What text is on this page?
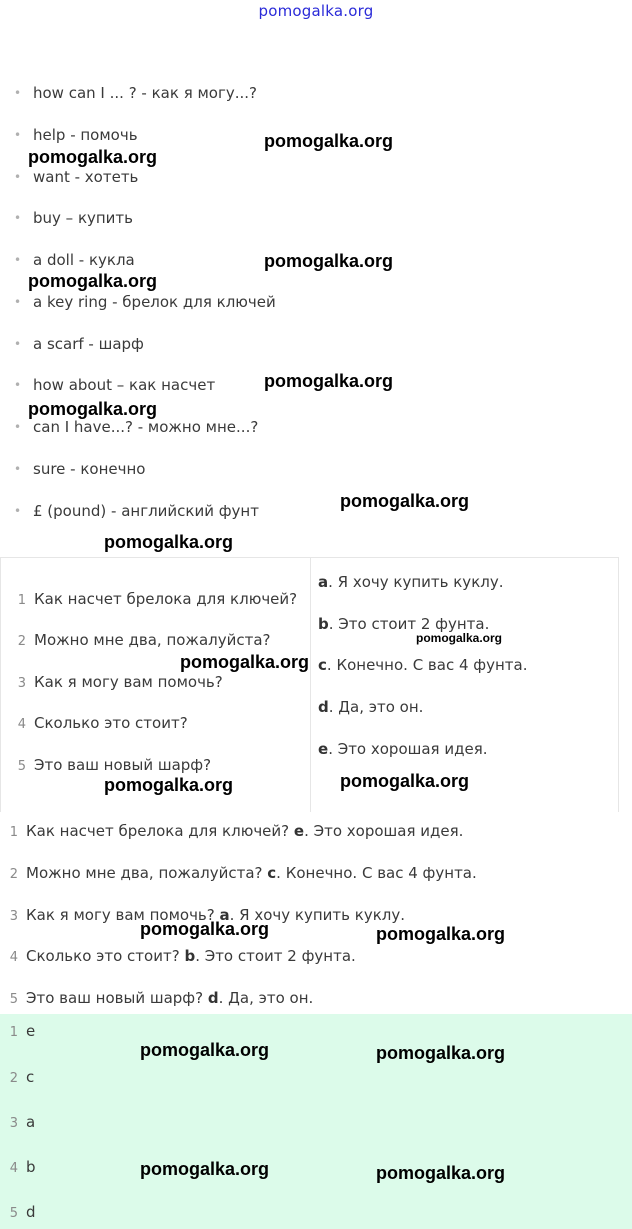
pomogalka.org
• how can I ... ? - как я могу...?
• help - помочь
• want - хотеть
• buy – купить
• a doll - кукла
• a key ring - брелок для ключей
• a scarf - шарф
• how about – как насчет
• can I have...? - можно мне...?
• sure - конечно
• £ (pound) - английский фунт
1 Как насчет брелока для ключей?
2 Можно мне два, пожалуйста?
3 Как я могу вам помочь?
4 Сколько это стоит?
5 Это ваш новый шарф?
a. Я хочу купить куклу.
b. Это стоит 2 фунта.
c. Конечно. С вас 4 фунта.
d. Да, это он.
e. Это хорошая идея.
1 Как насчет брелока для ключей? e. Это хорошая идея.
2 Можно мне два, пожалуйста? c. Конечно. С вас 4 фунта.
3 Как я могу вам помочь? a. Я хочу купить куклу.
4 Сколько это стоит? b. Это стоит 2 фунта.
5 Это ваш новый шарф? d. Да, это он.
1 e
2 c
3 a
4 b
5 d
pomogalka.org
pomogalka.org
pomogalka.org
pomogalka.org
pomogalka.org
pomogalka.org
pomogalka.org
pomogalka.org
pomogalka.org
pomogalka.org
pomogalka.org
pomogalka.org
pomogalka.org	pomogalka.org
pomogalka.org	pomogalka.org
pomogalka.org	pomogalka.org
